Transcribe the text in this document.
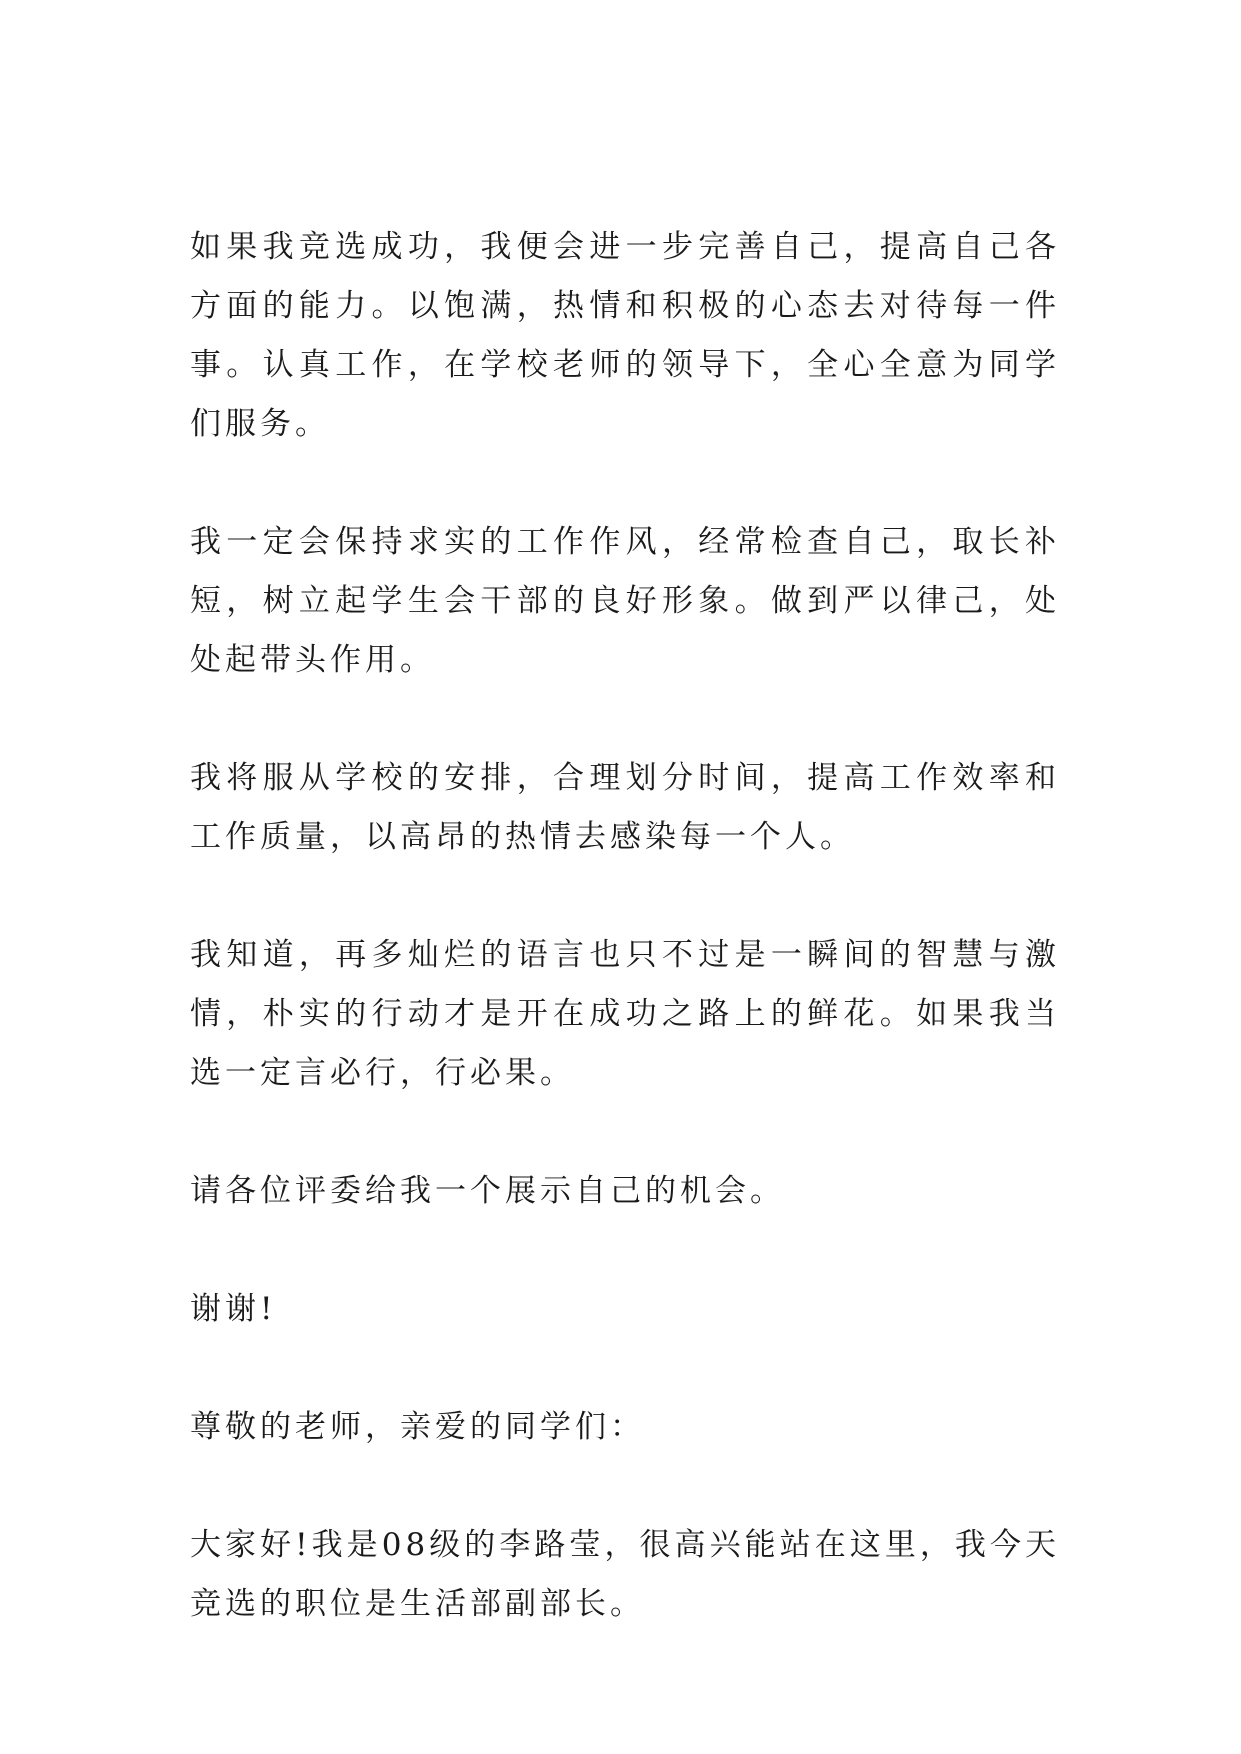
如果我竞选成功，我便会进一步完善自己，提高自己各方面的能力。以饱满，热情和积极的心态去对待每一件事。认真工作，在学校老师的领导下，全心全意为同学们服务。

我一定会保持求实的工作作风，经常检查自己，取长补短，树立起学生会干部的良好形象。做到严以律己，处处起带头作用。

我将服从学校的安排，合理划分时间，提高工作效率和工作质量，以高昂的热情去感染每一个人。

我知道，再多灿烂的语言也只不过是一瞬间的智慧与激情，朴实的行动才是开在成功之路上的鲜花。如果我当选一定言必行，行必果。

请各位评委给我一个展示自己的机会。

谢谢!

尊敬的老师，亲爱的同学们：

大家好!我是08级的李路莹，很高兴能站在这里，我今天竞选的职位是生活部副部长。
